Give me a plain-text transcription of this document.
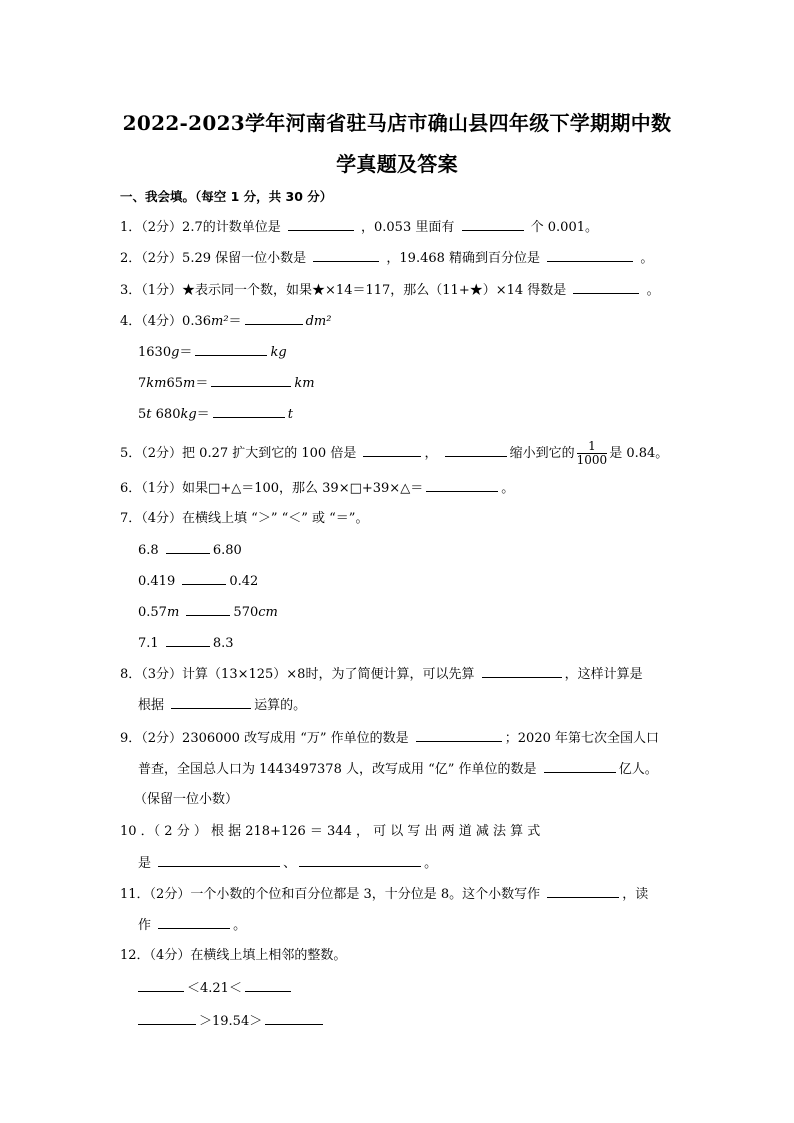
2022-2023学年河南省驻马店市确山县四年级下学期期中数
学真题及答案
一、我会填。（每空 1 分，共 30 分）
1．（2分）2.7的计数单位是	，0.053 里面有	个 0.001。
2．（2分）5.29 保留一位小数是	，19.468 精确到百分位是	。
3．（1分）★表示同一个数，如果★×14＝117，那么（11+★）×14 得数是	。
4．（4分）0.36m²＝	dm²
1630g＝	kg
7km65m＝	km
5t 680kg＝	t
5．（2分）把 0.27 扩大到它的 100 倍是	，	缩小到它的 $\frac{1}{1000}$ 是 0.84。
6．（1分）如果□+△＝100，那么 39×□+39×△＝	。
7．（4分）在横线上填 “＞” “＜” 或 “＝”。
6.8	6.80
0.419	0.42
0.57m	570cm
7.1	8.3
8．（3分）计算（13×125）×8时，为了简便计算，可以先算	，这样计算是
根据	运算的。
9．（2分）2306000 改写成用 “万” 作单位的数是	；2020 年第七次全国人口
普查，全国总人口为 1443497378 人，改写成用 “亿” 作单位的数是	亿人。
（保留一位小数）
10 ．（ 2 分 ） 根 据 218+126 ＝ 344 ， 可 以 写 出 两 道 减 法 算 式
是	、	。
11．（2分）一个小数的个位和百分位都是 3，十分位是 8。这个小数写作	，读
作	。
12．（4分）在横线上填上相邻的整数。
＜4.21＜
＞19.54＞
